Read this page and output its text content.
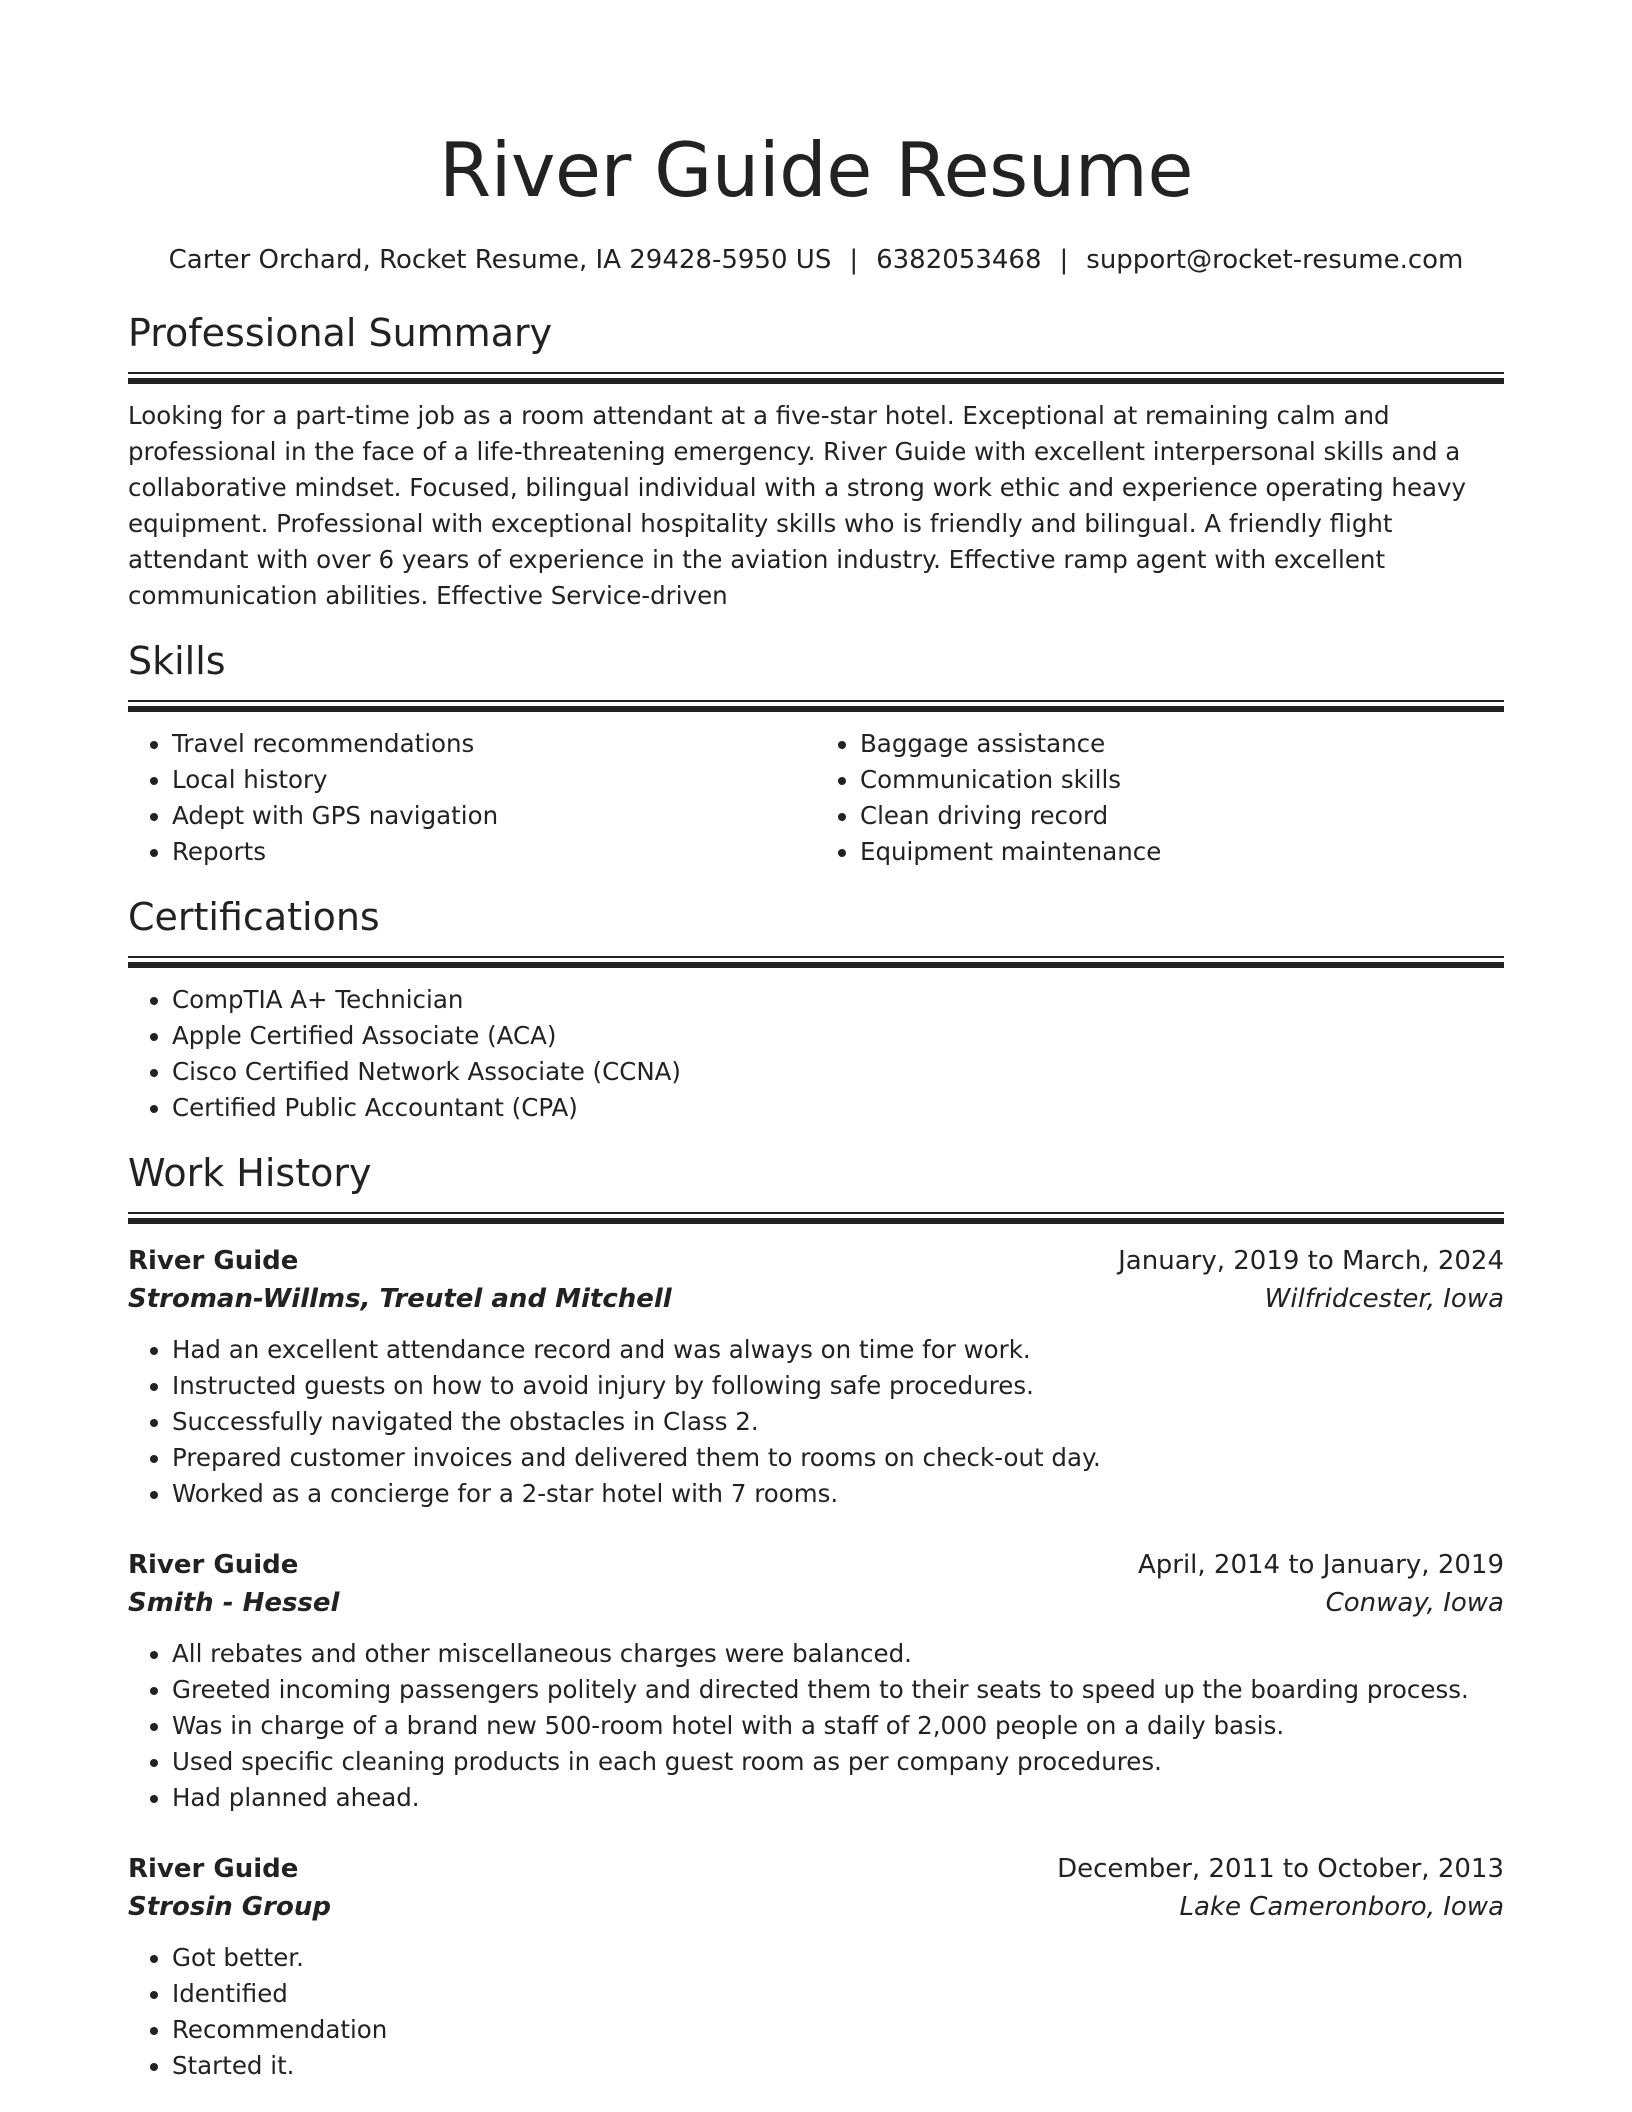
River Guide Resume
Carter Orchard, Rocket Resume, IA 29428-5950 US | 6382053468 | support@rocket-resume.com
Professional Summary
Looking for a part-time job as a room attendant at a five-star hotel. Exceptional at remaining calm and professional in the face of a life-threatening emergency. River Guide with excellent interpersonal skills and a collaborative mindset. Focused, bilingual individual with a strong work ethic and experience operating heavy equipment. Professional with exceptional hospitality skills who is friendly and bilingual. A friendly flight attendant with over 6 years of experience in the aviation industry. Effective ramp agent with excellent communication abilities. Effective Service-driven
Skills
• Travel recommendations
• Local history
• Adept with GPS navigation
• Reports
• Baggage assistance
• Communication skills
• Clean driving record
• Equipment maintenance
Certifications
• CompTIA A+ Technician
• Apple Certified Associate (ACA)
• Cisco Certified Network Associate (CCNA)
• Certified Public Accountant (CPA)
Work History
River Guide	January, 2019 to March, 2024
Stroman-Willms, Treutel and Mitchell	Wilfridcester, Iowa
• Had an excellent attendance record and was always on time for work.
• Instructed guests on how to avoid injury by following safe procedures.
• Successfully navigated the obstacles in Class 2.
• Prepared customer invoices and delivered them to rooms on check-out day.
• Worked as a concierge for a 2-star hotel with 7 rooms.
River Guide	April, 2014 to January, 2019
Smith - Hessel	Conway, Iowa
• All rebates and other miscellaneous charges were balanced.
• Greeted incoming passengers politely and directed them to their seats to speed up the boarding process.
• Was in charge of a brand new 500-room hotel with a staff of 2,000 people on a daily basis.
• Used specific cleaning products in each guest room as per company procedures.
• Had planned ahead.
River Guide	December, 2011 to October, 2013
Strosin Group	Lake Cameronboro, Iowa
• Got better.
• Identified
• Recommendation
• Started it.
